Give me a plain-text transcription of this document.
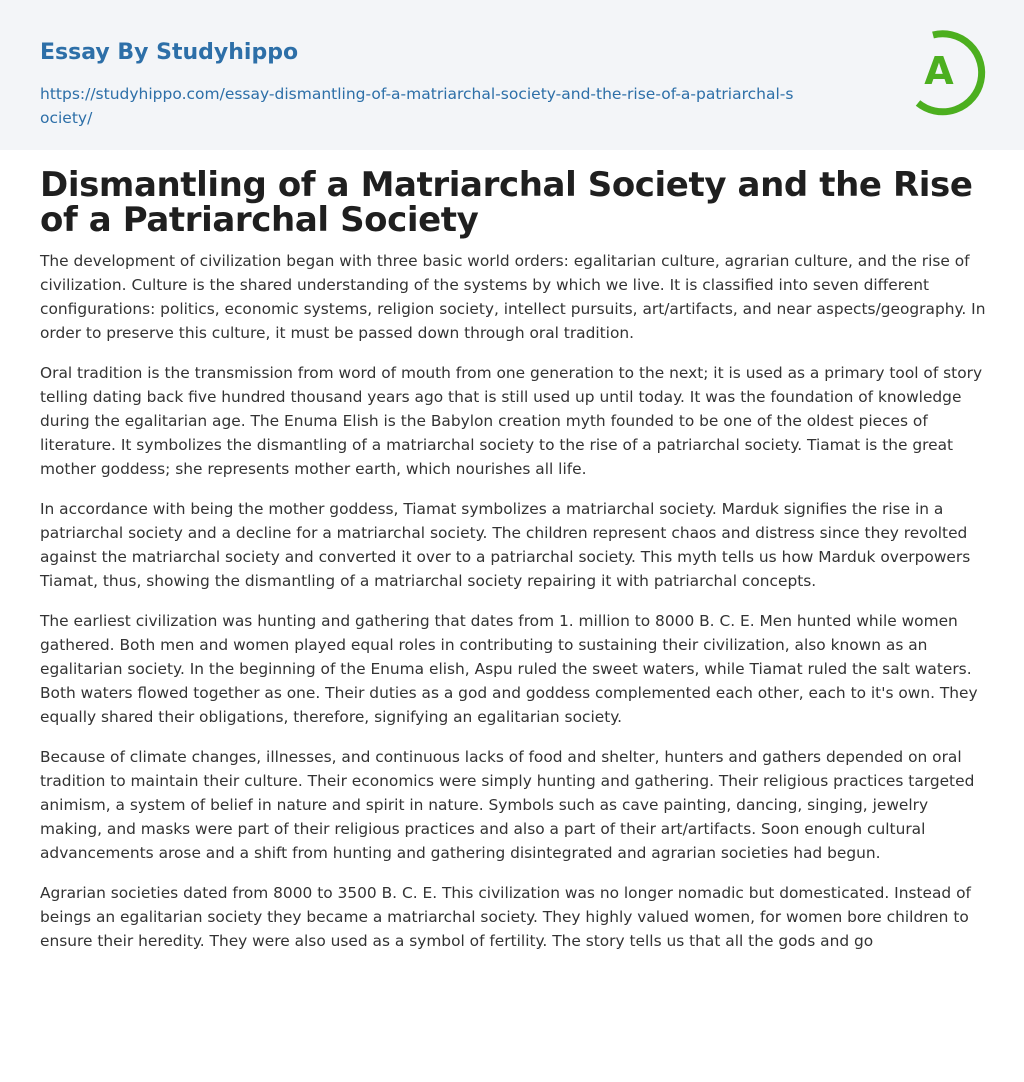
Essay By Studyhippo
https://studyhippo.com/essay-dismantling-of-a-matriarchal-society-and-the-rise-of-a-patriarchal-society/
A
Dismantling of a Matriarchal Society and the Rise of a Patriarchal Society

The development of civilization began with three basic world orders: egalitarian culture, agrarian culture, and the rise of civilization. Culture is the shared understanding of the systems by which we live. It is classified into seven different configurations: politics, economic systems, religion society, intellect pursuits, art/artifacts, and near aspects/geography. In order to preserve this culture, it must be passed down through oral tradition.

Oral tradition is the transmission from word of mouth from one generation to the next; it is used as a primary tool of story telling dating back five hundred thousand years ago that is still used up until today. It was the foundation of knowledge during the egalitarian age. The Enuma Elish is the Babylon creation myth founded to be one of the oldest pieces of literature. It symbolizes the dismantling of a matriarchal society to the rise of a patriarchal society. Tiamat is the great mother goddess; she represents mother earth, which nourishes all life.

In accordance with being the mother goddess, Tiamat symbolizes a matriarchal society. Marduk signifies the rise in a patriarchal society and a decline for a matriarchal society. The children represent chaos and distress since they revolted against the matriarchal society and converted it over to a patriarchal society. This myth tells us how Marduk overpowers Tiamat, thus, showing the dismantling of a matriarchal society repairing it with patriarchal concepts.

The earliest civilization was hunting and gathering that dates from 1. million to 8000 B. C. E. Men hunted while women gathered. Both men and women played equal roles in contributing to sustaining their civilization, also known as an egalitarian society. In the beginning of the Enuma elish, Aspu ruled the sweet waters, while Tiamat ruled the salt waters. Both waters flowed together as one. Their duties as a god and goddess complemented each other, each to it's own. They equally shared their obligations, therefore, signifying an egalitarian society.

Because of climate changes, illnesses, and continuous lacks of food and shelter, hunters and gathers depended on oral tradition to maintain their culture. Their economics were simply hunting and gathering. Their religious practices targeted animism, a system of belief in nature and spirit in nature. Symbols such as cave painting, dancing, singing, jewelry making, and masks were part of their religious practices and also a part of their art/artifacts. Soon enough cultural advancements arose and a shift from hunting and gathering disintegrated and agrarian societies had begun.

Agrarian societies dated from 8000 to 3500 B. C. E. This civilization was no longer nomadic but domesticated. Instead of beings an egalitarian society they became a matriarchal society. They highly valued women, for women bore children to ensure their heredity. They were also used as a symbol of fertility. The story tells us that all the gods and go
